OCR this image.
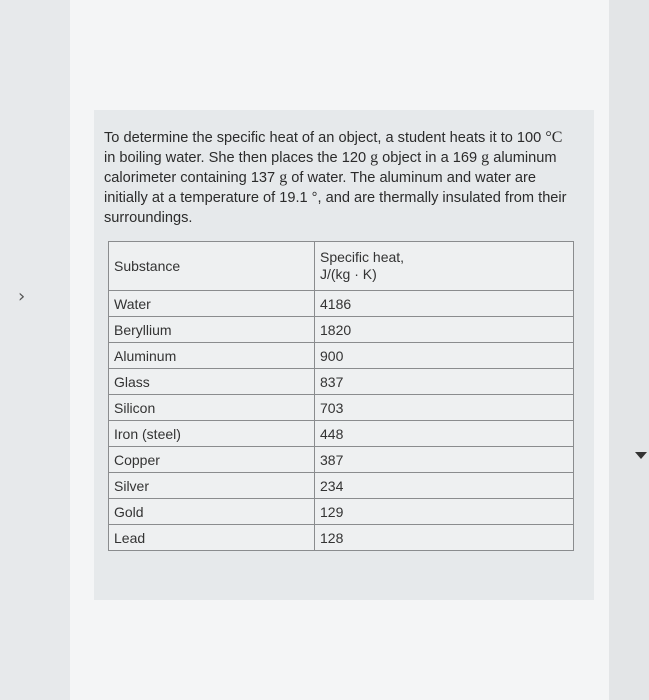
›
To determine the specific heat of an object, a student heats it to 100 °C in boiling water. She then places the 120 g object in a 169 g aluminum calorimeter containing 137 g of water. The aluminum and water are initially at a temperature of 19.1 °, and are thermally insulated from their surroundings.
Substance	Specific heat,
J/(kg · K)

Water	4186
Beryllium	1820
Aluminum	900
Glass	837
Silicon	703
Iron (steel)	448
Copper	387
Silver	234
Gold	129
Lead	128
